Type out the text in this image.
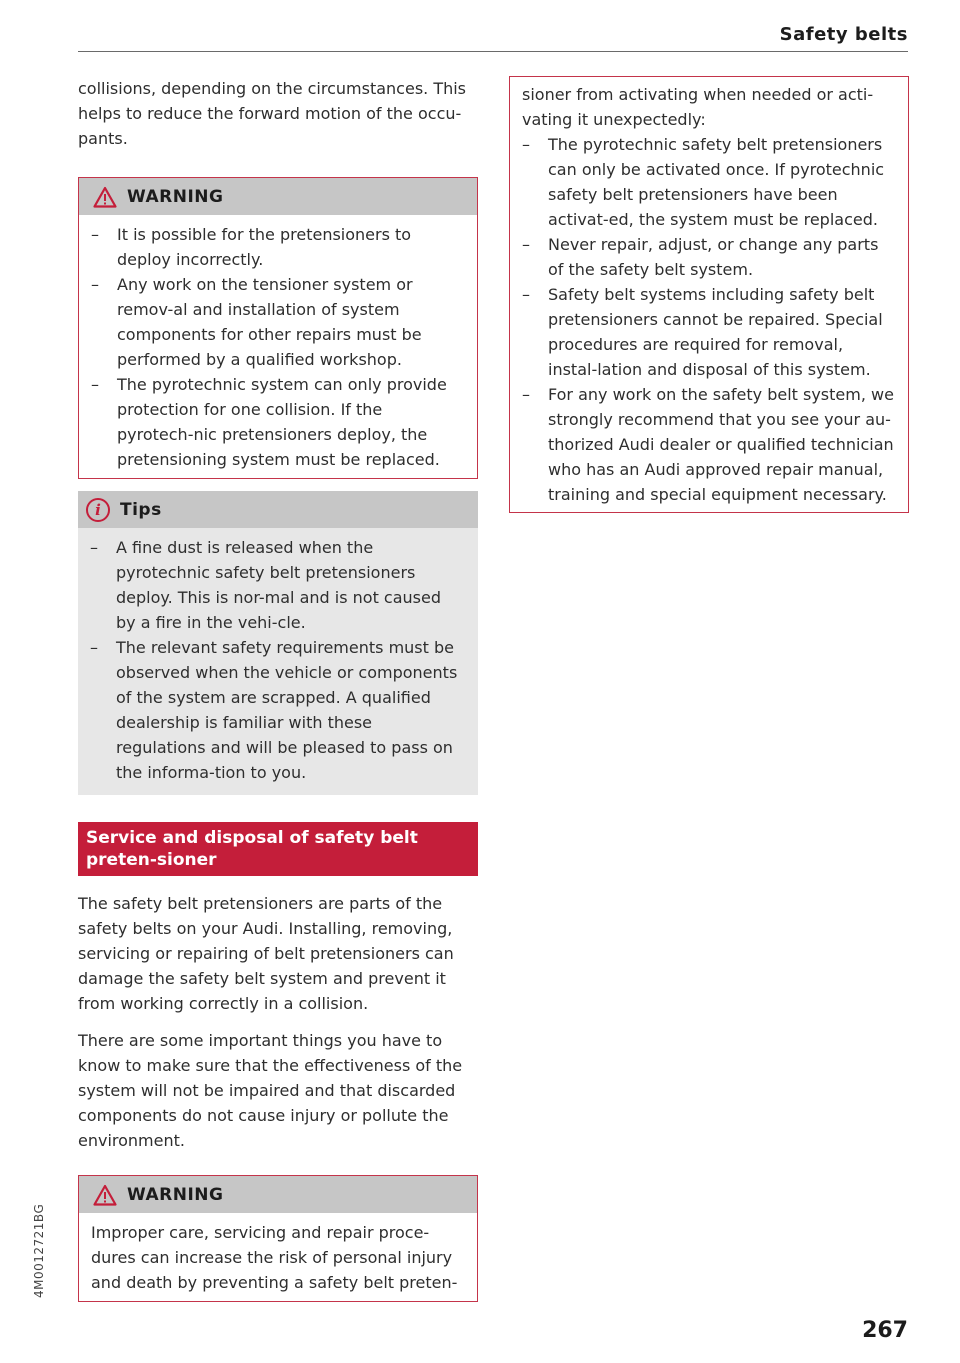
Safety belts

collisions, depending on the circumstances. This helps to reduce the forward motion of the occu-pants.

WARNING
– It is possible for the pretensioners to deploy incorrectly.
– Any work on the tensioner system or remov-al and installation of system components for other repairs must be performed by a qualified workshop.
– The pyrotechnic system can only provide protection for one collision. If the pyrotech-nic pretensioners deploy, the pretensioning system must be replaced.
i	Tips
– A fine dust is released when the pyrotechnic safety belt pretensioners deploy. This is nor-mal and is not caused by a fire in the vehi-cle.
– The relevant safety requirements must be observed when the vehicle or components of the system are scrapped. A qualified dealership is familiar with these regulations and will be pleased to pass on the informa-tion to you.
Service and disposal of safety belt preten-sioner

The safety belt pretensioners are parts of the safety belts on your Audi. Installing, removing, servicing or repairing of belt pretensioners can damage the safety belt system and prevent it from working correctly in a collision.

There are some important things you have to know to make sure that the effectiveness of the system will not be impaired and that discarded components do not cause injury or pollute the environment.

WARNING

Improper care, servicing and repair proce-dures can increase the risk of personal injury and death by preventing a safety belt preten-

sioner from activating when needed or acti-vating it unexpectedly:

– The pyrotechnic safety belt pretensioners can only be activated once. If pyrotechnic safety belt pretensioners have been activat-ed, the system must be replaced.
– Never repair, adjust, or change any parts of the safety belt system.
– Safety belt systems including safety belt pretensioners cannot be repaired. Special procedures are required for removal, instal-lation and disposal of this system.
– For any work on the safety belt system, we strongly recommend that you see your au-thorized Audi dealer or qualified technician who has an Audi approved repair manual, training and special equipment necessary.
267
4M0012721BG
